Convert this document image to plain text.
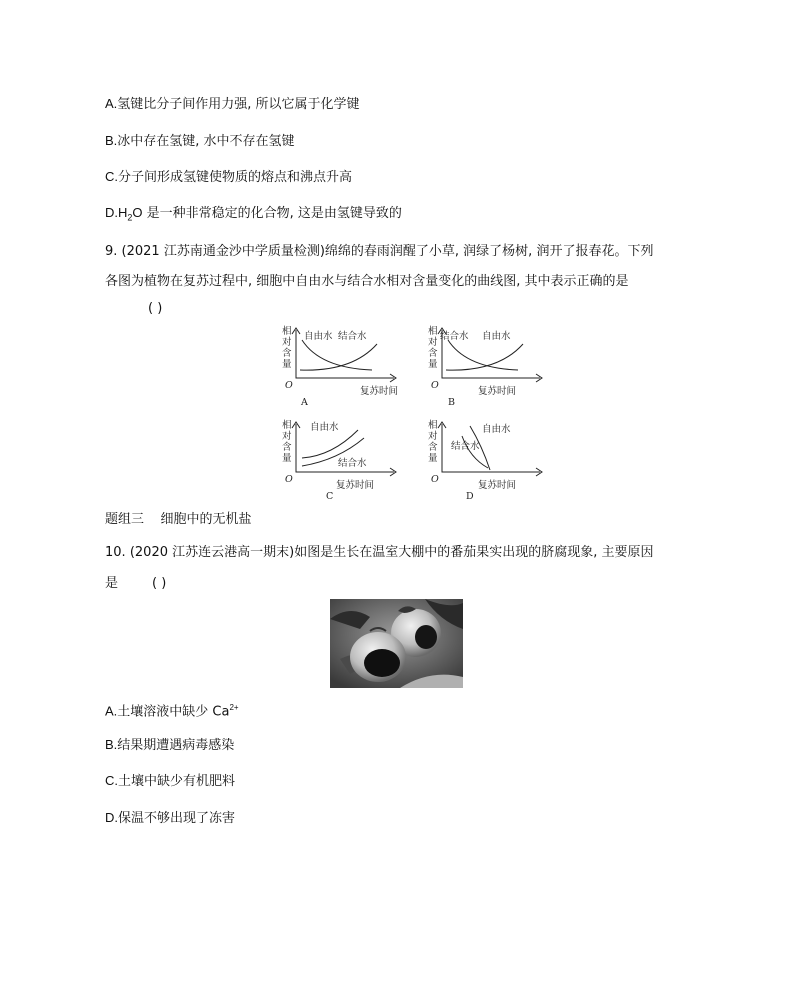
A.氢键比分子间作用力强, 所以它属于化学键
B.冰中存在氢键, 水中不存在氢键
C.分子间形成氢键使物质的熔点和沸点升高
$D.H_2O$ 是一种非常稳定的化合物, 这是由氢键导致的
9. (2021 江苏南通金沙中学质量检测)绵绵的春雨润醒了小草, 润绿了杨树, 润开了报春花。下列
各图为植物在复苏过程中, 细胞中自由水与结合水相对含量变化的曲线图, 其中表示正确的是
( )
相
对
含
量
O
复苏时间
A
自由水 结合水	相
对
含
量
O
复苏时间
B
结合水 自由水
相
对
含
量
O
复苏时间
C
自由水
结合水
相
对
含
量
O
复苏时间
D
自由水
结合水
题组三    细胞中的无机盐
10. (2020 江苏连云港高一期末)如图是生长在温室大棚中的番茄果实出现的脐腐现象, 主要原因
是	( )
A.土壤溶液中缺少 $Ca^{2+}$
B.结果期遭遇病毒感染
C.土壤中缺少有机肥料
D.保温不够出现了冻害
